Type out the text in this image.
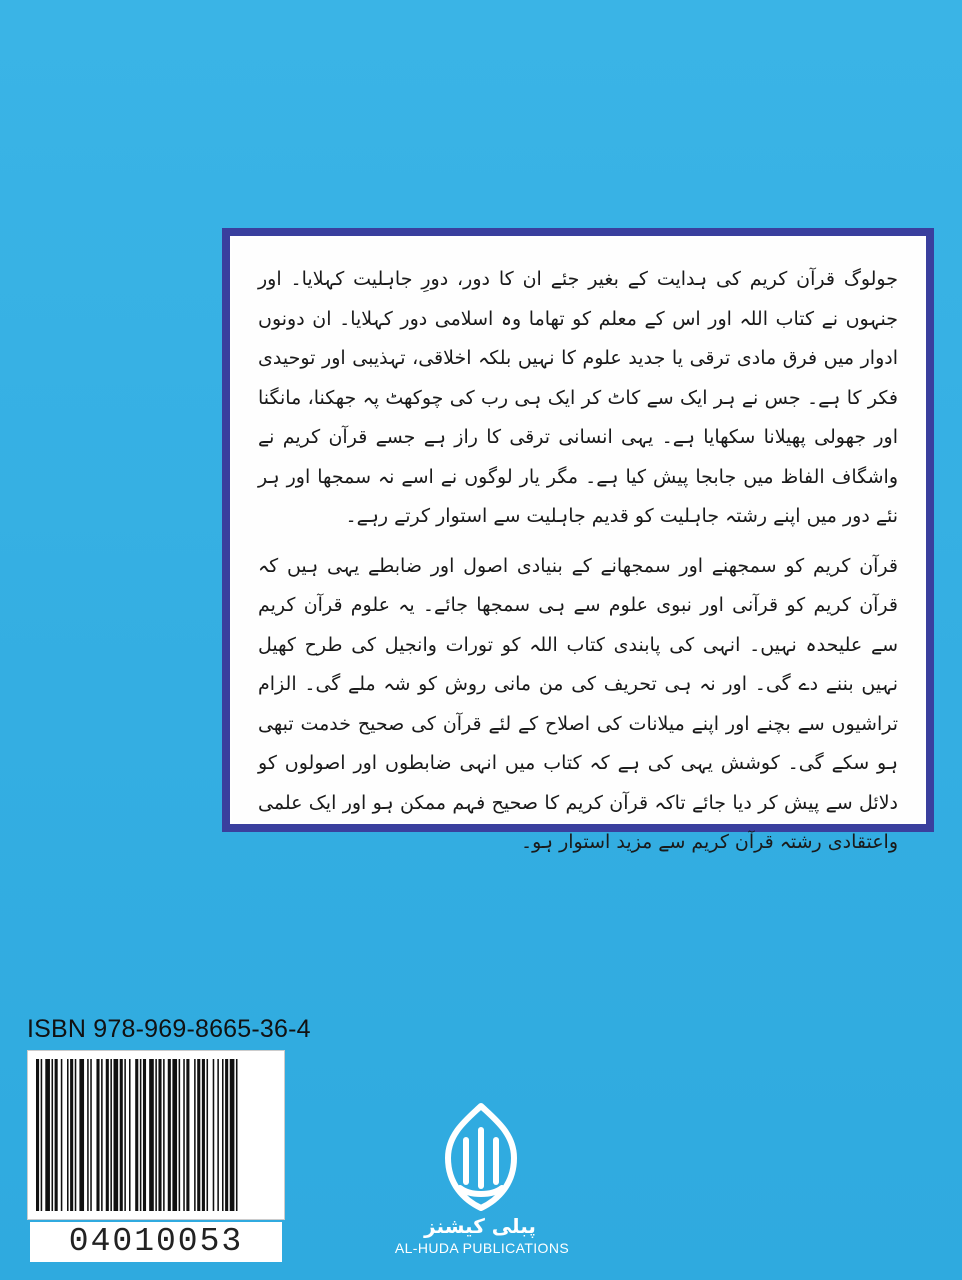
جولوگ قرآن کریم کی ہدایت کے بغیر جئے ان کا دور، دورِ جاہلیت کہلایا۔ اور جنہوں نے کتاب اللہ اور اس کے معلم کو تھاما وہ اسلامی دور کہلایا۔ ان دونوں ادوار میں فرق مادی ترقی یا جدید علوم کا نہیں بلکہ اخلاقی، تہذیبی اور توحیدی فکر کا ہے۔ جس نے ہر ایک سے کاٹ کر ایک ہی رب کی چوکھٹ پہ جھکنا، مانگنا اور جھولی پھیلانا سکھایا ہے۔ یہی انسانی ترقی کا راز ہے جسے قرآن کریم نے واشگاف الفاظ میں جابجا پیش کیا ہے۔ مگر یار لوگوں نے اسے نہ سمجھا اور ہر نئے دور میں اپنے رشتہ جاہلیت کو قدیم جاہلیت سے استوار کرتے رہے۔

قرآن کریم کو سمجھنے اور سمجھانے کے بنیادی اصول اور ضابطے یہی ہیں کہ قرآن کریم کو قرآنی اور نبوی علوم سے ہی سمجھا جائے۔ یہ علوم قرآن کریم سے علیحدہ نہیں۔ انہی کی پابندی کتاب اللہ کو تورات وانجیل کی طرح کھیل نہیں بننے دے گی۔ اور نہ ہی تحریف کی من مانی روش کو شہ ملے گی۔ الزام تراشیوں سے بچنے اور اپنے میلانات کی اصلاح کے لئے قرآن کی صحیح خدمت تبھی ہو سکے گی۔ کوشش یہی کی ہے کہ کتاب میں انہی ضابطوں اور اصولوں کو دلائل سے پیش کر دیا جائے تاکہ قرآن کریم کا صحیح فہم ممکن ہو اور ایک علمی واعتقادی رشتہ قرآن کریم سے مزید استوار ہو۔

ISBN 978-969-8665-36-4
04010053	پبلی کیشنز
AL-HUDA PUBLICATIONS
